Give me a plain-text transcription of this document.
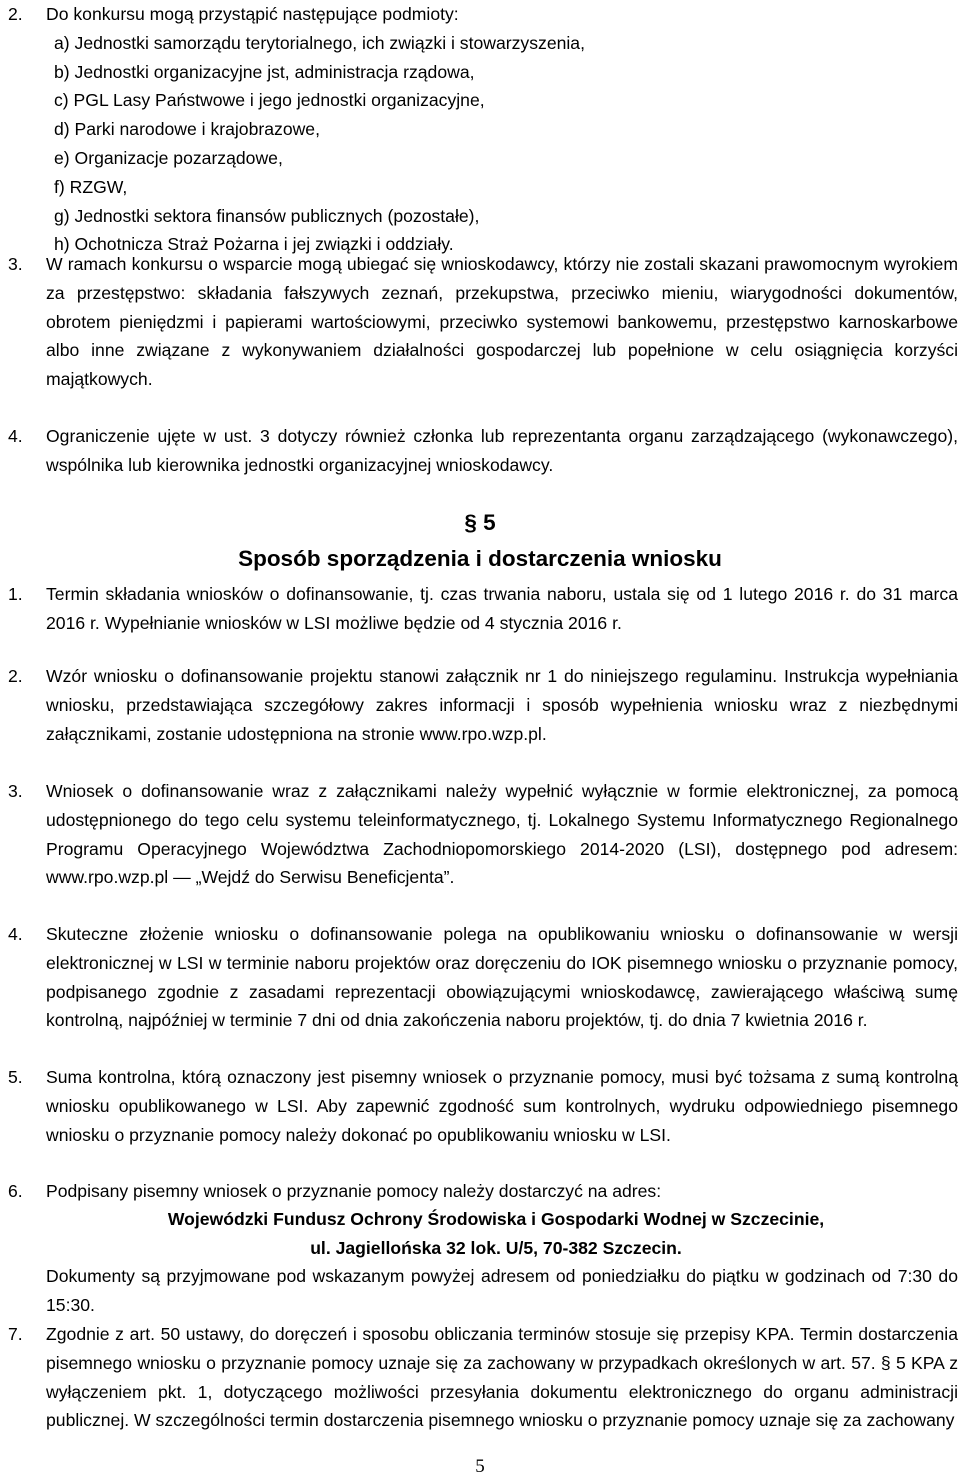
2. Do konkursu mogą przystąpić następujące podmioty:
a) Jednostki samorządu terytorialnego, ich związki i stowarzyszenia,
b) Jednostki organizacyjne jst, administracja rządowa,
c) PGL Lasy Państwowe i jego jednostki organizacyjne,
d) Parki narodowe i krajobrazowe,
e) Organizacje pozarządowe,
f) RZGW,
g) Jednostki sektora finansów publicznych (pozostałe),
h) Ochotnicza Straż Pożarna i jej związki i oddziały.
3. W ramach konkursu o wsparcie mogą ubiegać się wnioskodawcy, którzy nie zostali skazani prawomocnym wyrokiem za przestępstwo: składania fałszywych zeznań, przekupstwa, przeciwko mieniu, wiarygodności dokumentów, obrotem pieniędzmi i papierami wartościowymi, przeciwko systemowi bankowemu, przestępstwo karnoskarbowe albo inne związane z wykonywaniem działalności gospodarczej lub popełnione w celu osiągnięcia korzyści majątkowych.
4. Ograniczenie ujęte w ust. 3 dotyczy również członka lub reprezentanta organu zarządzającego (wykonawczego), wspólnika lub kierownika jednostki organizacyjnej wnioskodawcy.
§ 5
Sposób sporządzenia i dostarczenia wniosku
1. Termin składania wniosków o dofinansowanie, tj. czas trwania naboru, ustala się od 1 lutego 2016 r. do 31 marca 2016 r. Wypełnianie wniosków w LSI możliwe będzie od 4 stycznia 2016 r.
2. Wzór wniosku o dofinansowanie projektu stanowi załącznik nr 1 do niniejszego regulaminu. Instrukcja wypełniania wniosku, przedstawiająca szczegółowy zakres informacji i sposób wypełnienia wniosku wraz z niezbędnymi załącznikami, zostanie udostępniona na stronie www.rpo.wzp.pl.
3. Wniosek o dofinansowanie wraz z załącznikami należy wypełnić wyłącznie w formie elektronicznej, za pomocą udostępnionego do tego celu systemu teleinformatycznego, tj. Lokalnego Systemu Informatycznego Regionalnego Programu Operacyjnego Województwa Zachodniopomorskiego 2014-2020 (LSI), dostępnego pod adresem: www.rpo.wzp.pl — „Wejdź do Serwisu Beneficjenta”.
4. Skuteczne złożenie wniosku o dofinansowanie polega na opublikowaniu wniosku o dofinansowanie w wersji elektronicznej w LSI w terminie naboru projektów oraz doręczeniu do IOK pisemnego wniosku o przyznanie pomocy, podpisanego zgodnie z zasadami reprezentacji obowiązującymi wnioskodawcę, zawierającego właściwą sumę kontrolną, najpóźniej w terminie 7 dni od dnia zakończenia naboru projektów, tj. do dnia 7 kwietnia 2016 r.
5. Suma kontrolna, którą oznaczony jest pisemny wniosek o przyznanie pomocy, musi być tożsama z sumą kontrolną wniosku opublikowanego w LSI. Aby zapewnić zgodność sum kontrolnych, wydruku odpowiedniego pisemnego wniosku o przyznanie pomocy należy dokonać po opublikowaniu wniosku w LSI.
6. Podpisany pisemny wniosek o przyznanie pomocy należy dostarczyć na adres:
Wojewódzki Fundusz Ochrony Środowiska i Gospodarki Wodnej w Szczecinie,
ul. Jagiellońska 32 lok. U/5, 70-382 Szczecin.
Dokumenty są przyjmowane pod wskazanym powyżej adresem od poniedziałku do piątku w godzinach od 7:30 do 15:30.
7. Zgodnie z art. 50 ustawy, do doręczeń i sposobu obliczania terminów stosuje się przepisy KPA. Termin dostarczenia pisemnego wniosku o przyznanie pomocy uznaje się za zachowany w przypadkach określonych w art. 57. § 5 KPA z wyłączeniem pkt. 1, dotyczącego możliwości przesyłania dokumentu elektronicznego do organu administracji publicznej. W szczególności termin dostarczenia pisemnego wniosku o przyznanie pomocy uznaje się za zachowany
5
